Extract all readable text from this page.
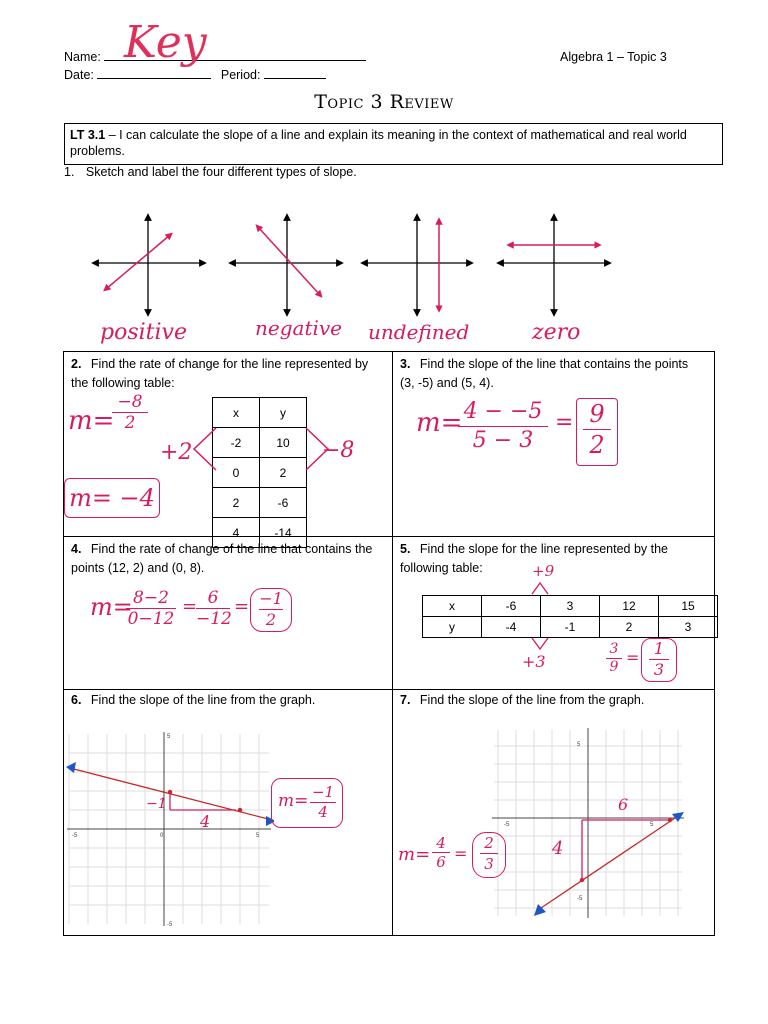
Name: Key
Date:	Period:
Algebra 1 – Topic 3
Topic 3 Review
LT 3.1 – I can calculate the slope of a line and explain its meaning in the context of mathematical and real world problems.
1. Sketch and label the four different types of slope.
positive	negative undefined	zero
2. Find the rate of change for the line represented by the following table:
x	y
-2	10
0	2
2	-6
4	-14
m=
$\frac{-8}{2}$
+2	−8
m= −4
3. Find the slope of the line that contains the points (3, -5) and (5, 4).
m=
$\frac{4 - -5}{5 - 3} = \frac{9}{2}$
4. Find the rate of change of the line that contains the points (12, 2) and (0, 8).
m=
$\frac{8-2}{0-12}$ =
$\frac{6}{-12} = \frac{-1}{2}$
5. Find the slope for the line represented by the following table:	+9
x	-6	3	12	15
y	-4	-1	2	3
+3	$\frac{3}{9} = \frac{1}{3}$
6. Find the slope of the line from the graph.
5
-5
-5	5
0
−1
4
$m= \frac{-1}{4}$
7. Find the slope of the line from the graph.
5
-5
-5	5
4
6
$m= \frac{4}{6} = \frac{2}{3}$
